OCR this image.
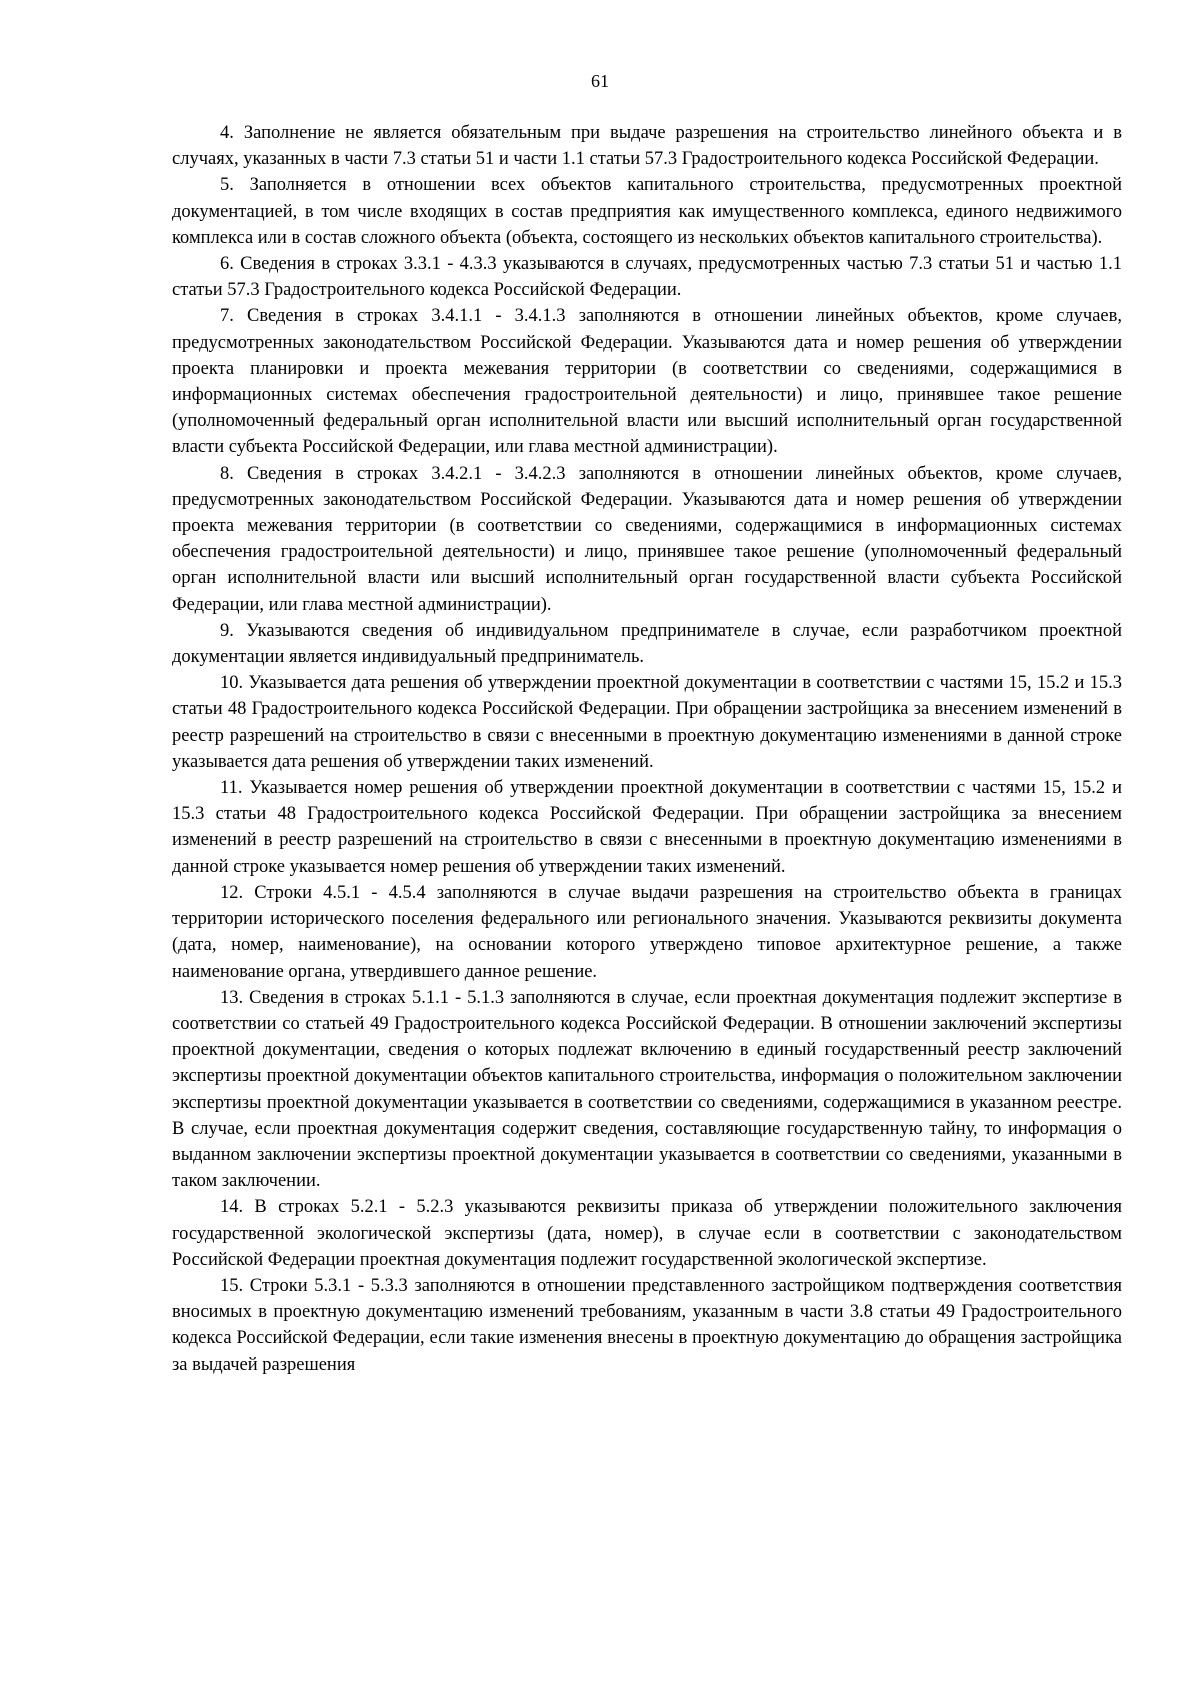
61

4. Заполнение не является обязательным при выдаче разрешения на строительство линейного объекта и в случаях, указанных в части 7.3 статьи 51 и части 1.1 статьи 57.3 Градостроительного кодекса Российской Федерации.

5. Заполняется в отношении всех объектов капитального строительства, предусмотренных проектной документацией, в том числе входящих в состав предприятия как имущественного комплекса, единого недвижимого комплекса или в состав сложного объекта (объекта, состоящего из нескольких объектов капитального строительства).

6. Сведения в строках 3.3.1 - 4.3.3 указываются в случаях, предусмотренных частью 7.3 статьи 51 и частью 1.1 статьи 57.3 Градостроительного кодекса Российской Федерации.

7. Сведения в строках 3.4.1.1 - 3.4.1.3 заполняются в отношении линейных объектов, кроме случаев, предусмотренных законодательством Российской Федерации. Указываются дата и номер решения об утверждении проекта планировки и проекта межевания территории (в соответствии со сведениями, содержащимися в информационных системах обеспечения градостроительной деятельности) и лицо, принявшее такое решение (уполномоченный федеральный орган исполнительной власти или высший исполнительный орган государственной власти субъекта Российской Федерации, или глава местной администрации).

8. Сведения в строках 3.4.2.1 - 3.4.2.3 заполняются в отношении линейных объектов, кроме случаев, предусмотренных законодательством Российской Федерации. Указываются дата и номер решения об утверждении проекта межевания территории (в соответствии со сведениями, содержащимися в информационных системах обеспечения градостроительной деятельности) и лицо, принявшее такое решение (уполномоченный федеральный орган исполнительной власти или высший исполнительный орган государственной власти субъекта Российской Федерации, или глава местной администрации).

9. Указываются сведения об индивидуальном предпринимателе в случае, если разработчиком проектной документации является индивидуальный предприниматель.

10. Указывается дата решения об утверждении проектной документации в соответствии с частями 15, 15.2 и 15.3 статьи 48 Градостроительного кодекса Российской Федерации. При обращении застройщика за внесением изменений в реестр разрешений на строительство в связи с внесенными в проектную документацию изменениями в данной строке указывается дата решения об утверждении таких изменений.

11. Указывается номер решения об утверждении проектной документации в соответствии с частями 15, 15.2 и 15.3 статьи 48 Градостроительного кодекса Российской Федерации. При обращении застройщика за внесением изменений в реестр разрешений на строительство в связи с внесенными в проектную документацию изменениями в данной строке указывается номер решения об утверждении таких изменений.

12. Строки 4.5.1 - 4.5.4 заполняются в случае выдачи разрешения на строительство объекта в границах территории исторического поселения федерального или регионального значения. Указываются реквизиты документа (дата, номер, наименование), на основании которого утверждено типовое архитектурное решение, а также наименование органа, утвердившего данное решение.

13. Сведения в строках 5.1.1 - 5.1.3 заполняются в случае, если проектная документация подлежит экспертизе в соответствии со статьей 49 Градостроительного кодекса Российской Федерации. В отношении заключений экспертизы проектной документации, сведения о которых подлежат включению в единый государственный реестр заключений экспертизы проектной документации объектов капитального строительства, информация о положительном заключении экспертизы проектной документации указывается в соответствии со сведениями, содержащимися в указанном реестре. В случае, если проектная документация содержит сведения, составляющие государственную тайну, то информация о выданном заключении экспертизы проектной документации указывается в соответствии со сведениями, указанными в таком заключении.

14. В строках 5.2.1 - 5.2.3 указываются реквизиты приказа об утверждении положительного заключения государственной экологической экспертизы (дата, номер), в случае если в соответствии с законодательством Российской Федерации проектная документация подлежит государственной экологической экспертизе.

15. Строки 5.3.1 - 5.3.3 заполняются в отношении представленного застройщиком подтверждения соответствия вносимых в проектную документацию изменений требованиям, указанным в части 3.8 статьи 49 Градостроительного кодекса Российской Федерации, если такие изменения внесены в проектную документацию до обращения застройщика за выдачей разрешения
